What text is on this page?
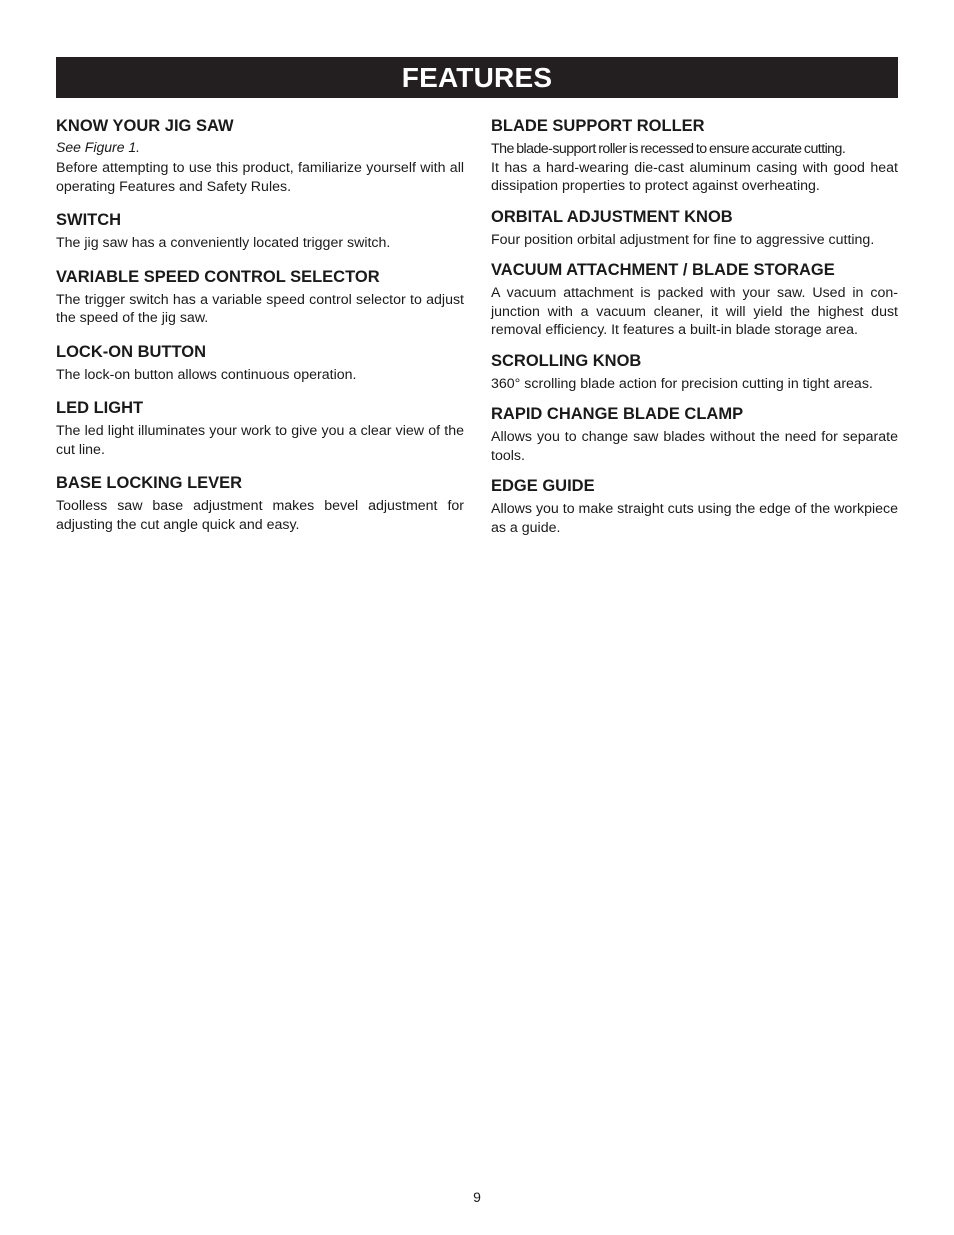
FEATURES
KNOW YOUR JIG SAW
See Figure 1.

Before attempting to use this product, familiarize yourself with all operating Features and Safety Rules.

SWITCH

The jig saw has a conveniently located trigger switch.

VARIABLE SPEED CONTROL SELECTOR

The trigger switch has a variable speed control selector to adjust the speed of the jig saw.

LOCK-ON BUTTON

The lock-on button allows continuous operation.

LED LIGHT

The led light illuminates your work to give you a clear view of the cut line.

BASE LOCKING LEVER

Toolless saw base adjustment makes bevel adjustment for adjusting the cut angle quick and easy.

BLADE SUPPORT ROLLER

The blade-support roller is recessed to ensure accurate cutting.

It has a hard-wearing die-cast aluminum casing with good heat dissipation properties to protect against overheating.

ORBITAL ADJUSTMENT KNOB

Four position orbital adjustment for fine to aggressive cutting.

VACUUM ATTACHMENT / BLADE STORAGE

A vacuum attachment is packed with your saw. Used in con-junction with a vacuum cleaner, it will yield the highest dust removal efficiency. It features a built-in blade storage area.

SCROLLING KNOB

360° scrolling blade action for precision cutting in tight areas.

RAPID CHANGE BLADE CLAMP

Allows you to change saw blades without the need for separate tools.

EDGE GUIDE

Allows you to make straight cuts using the edge of the workpiece as a guide.

9
